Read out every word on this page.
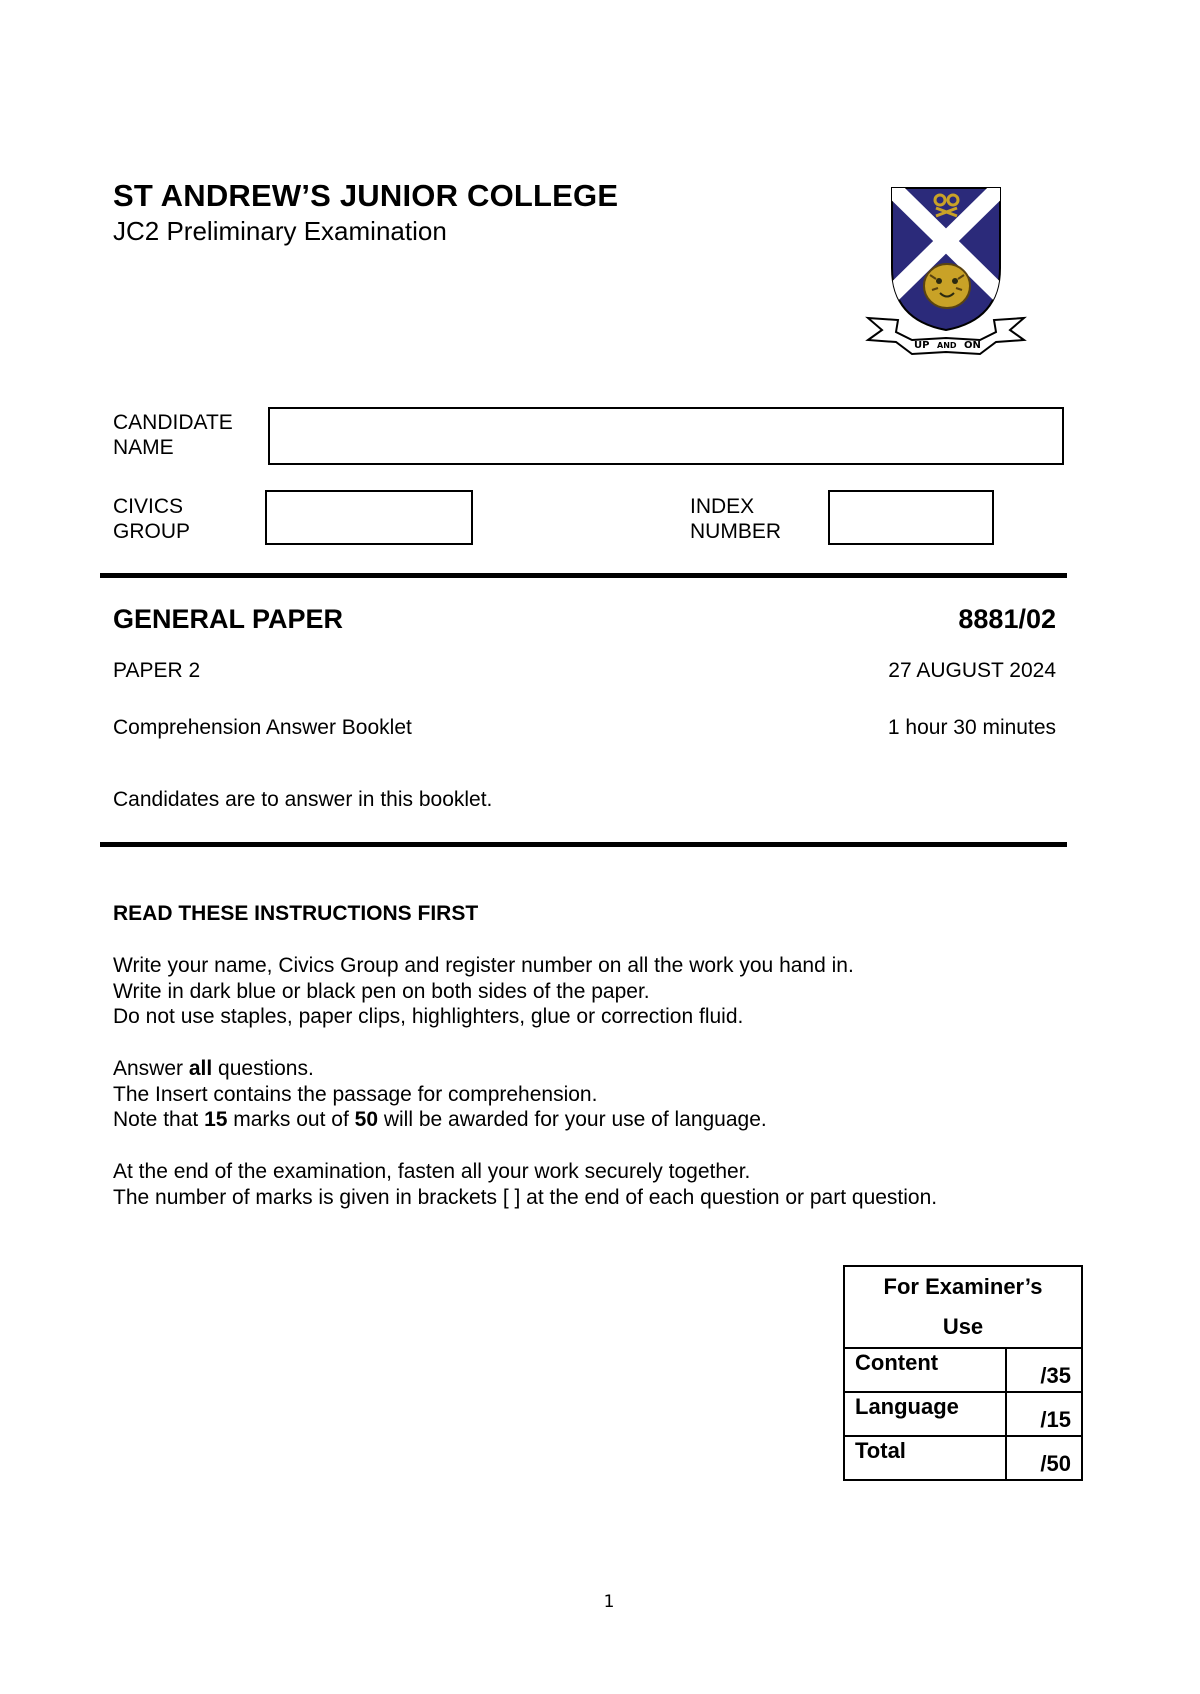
ST ANDREW’S JUNIOR COLLEGE
JC2 Preliminary Examination
UP AND ON
CANDIDATE
NAME
CIVICS
GROUP
INDEX
NUMBER
GENERAL PAPER	8881/02
PAPER 2	27 AUGUST 2024
Comprehension Answer Booklet	1 hour 30 minutes
Candidates are to answer in this booklet.
READ THESE INSTRUCTIONS FIRST
Write your name, Civics Group and register number on all the work you hand in.
Write in dark blue or black pen on both sides of the paper.
Do not use staples, paper clips, highlighters, glue or correction fluid.
Answer all questions.
The Insert contains the passage for comprehension.
Note that 15 marks out of 50 will be awarded for your use of language.
At the end of the examination, fasten all your work securely together.
The number of marks is given in brackets [ ] at the end of each question or part question.
For Examiner’s
Use	

Content	/35
Language	/15
Total	/50
1
